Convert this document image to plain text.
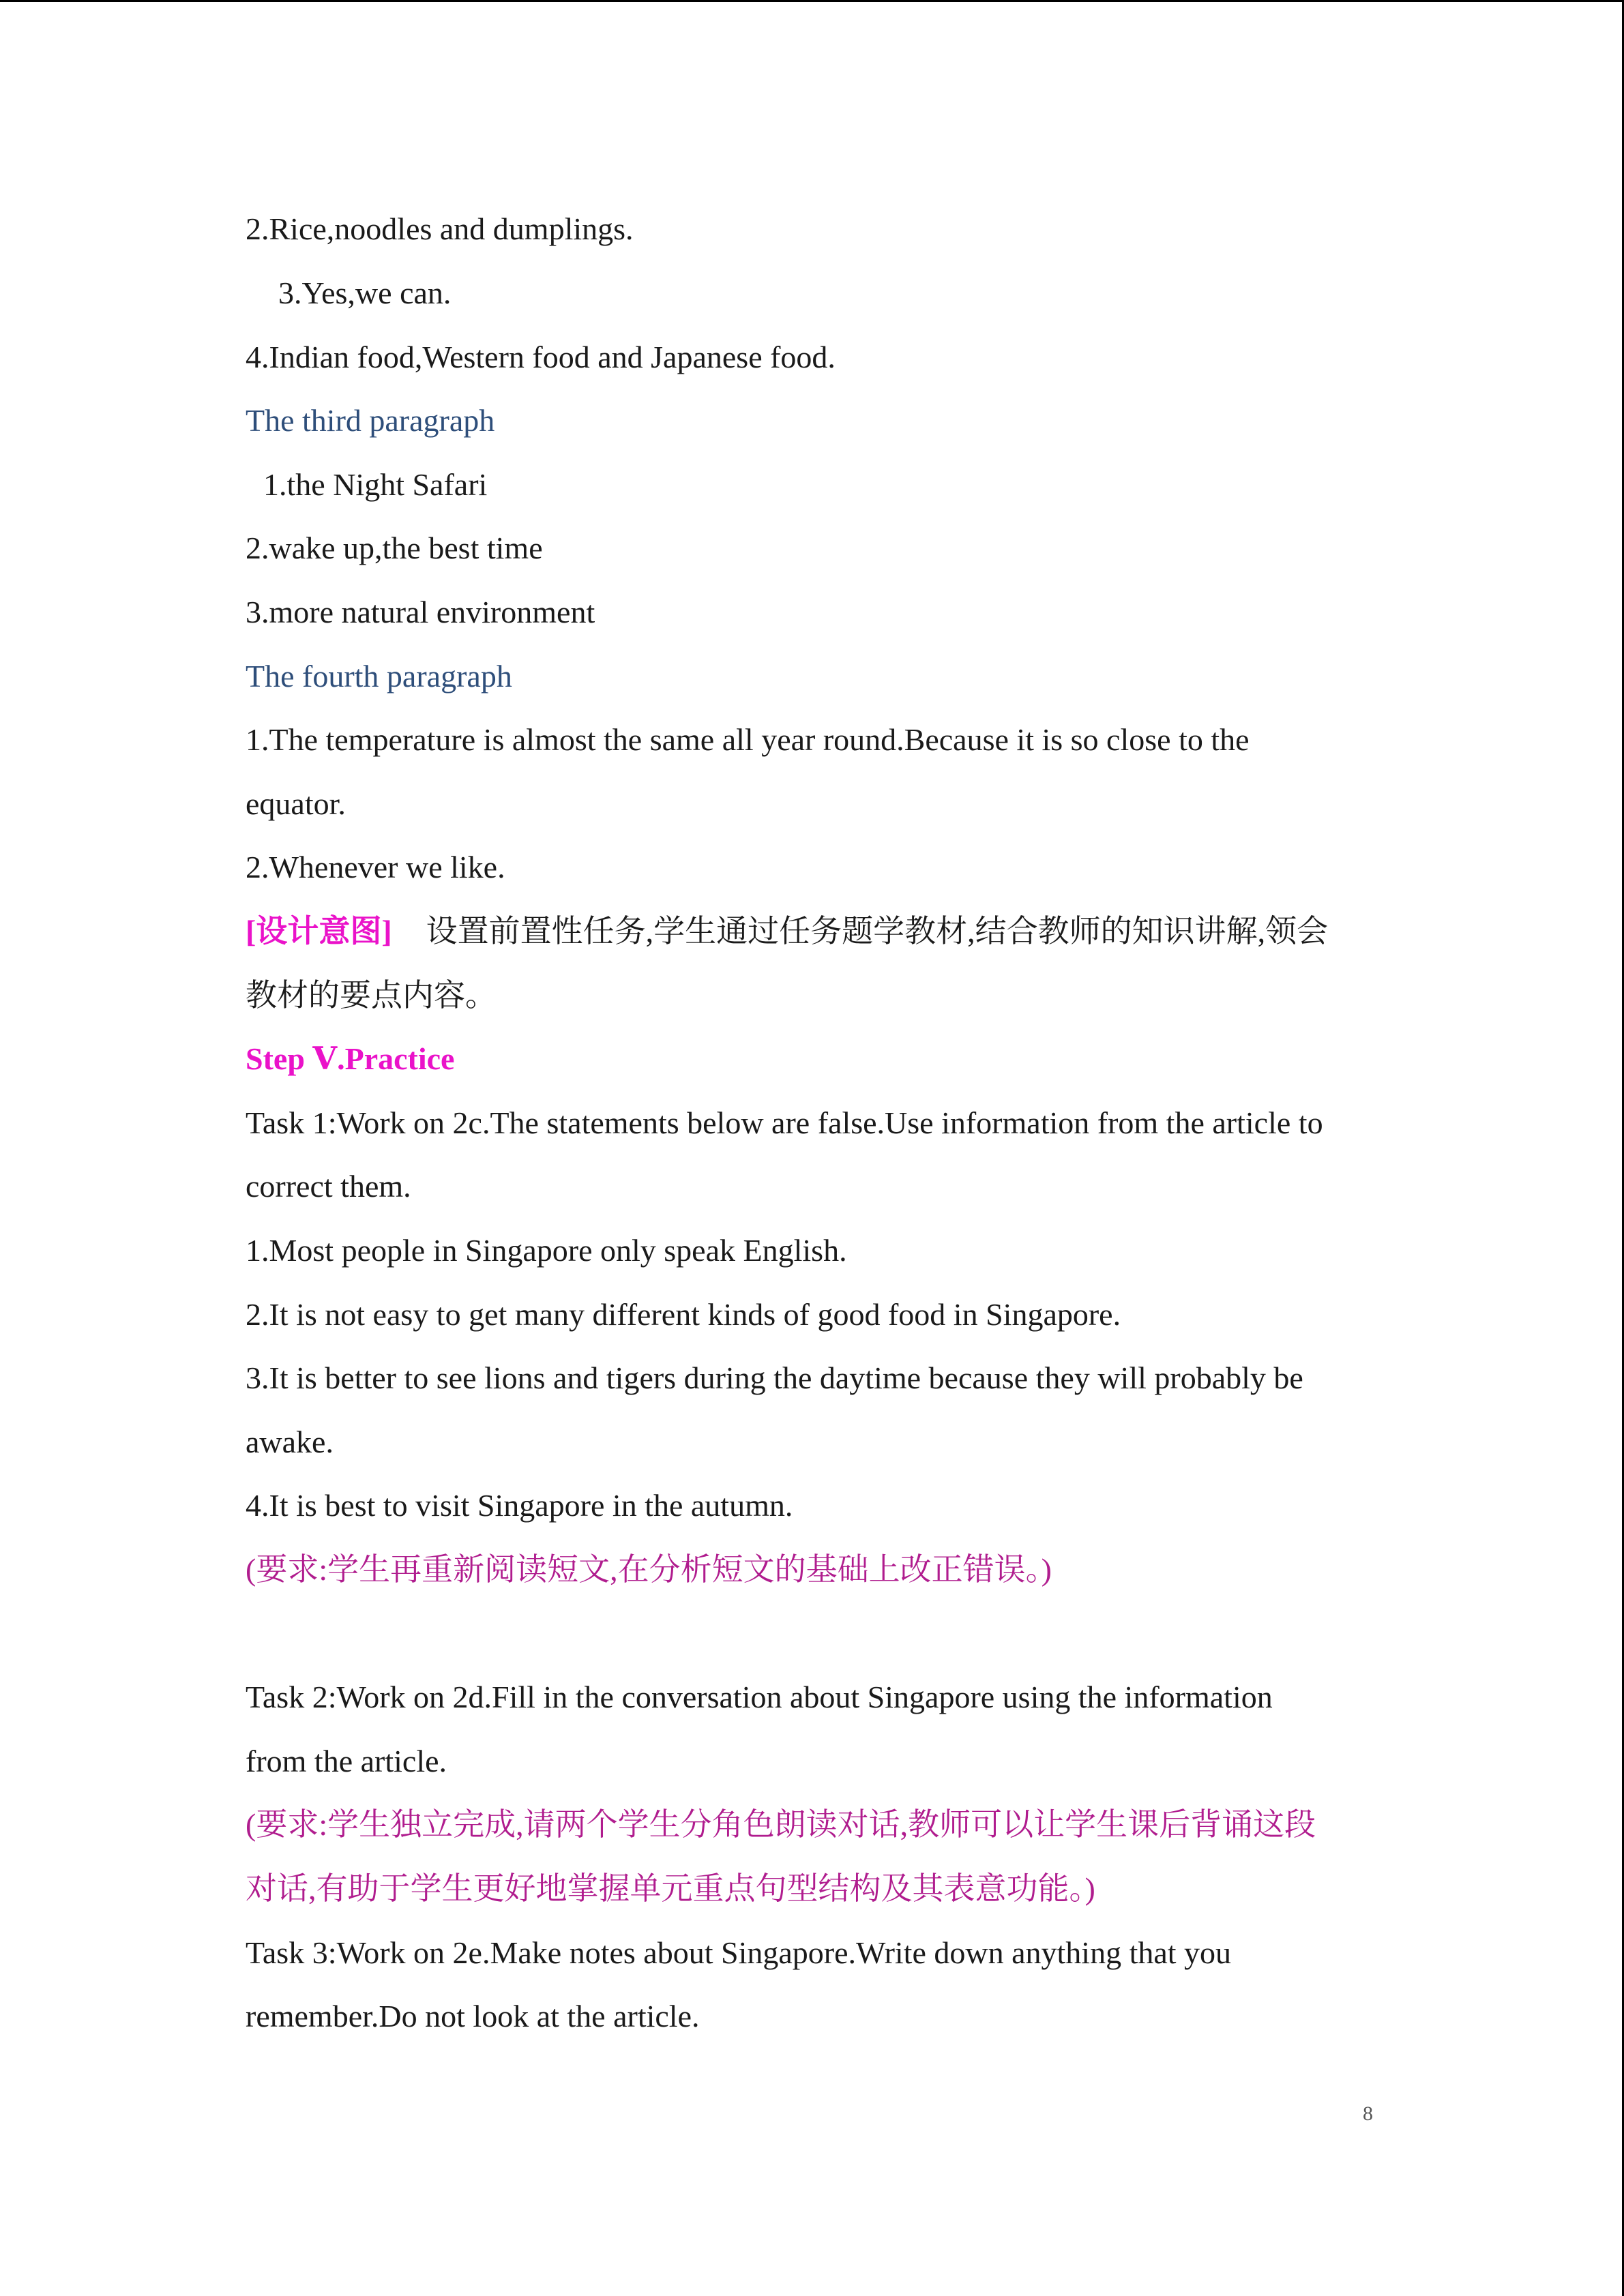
2.Rice,noodles and dumplings.
3.Yes,we can.
4.Indian food,Western food and Japanese food.
The third paragraph
1.the Night Safari
2.wake up,the best time
3.more natural environment
The fourth paragraph
1.The temperature is almost the same all year round.Because it is so close to the
equator.
2.Whenever we like.
[设计意图] 设置前置性任务,学生通过任务题学教材,结合教师的知识讲解,领会
教材的要点内容。
Step Ⅴ.Practice
Task 1:Work on 2c.The statements below are false.Use information from the article to
correct them.
1.Most people in Singapore only speak English.
2.It is not easy to get many different kinds of good food in Singapore.
3.It is better to see lions and tigers during the daytime because they will probably be
awake.
4.It is best to visit Singapore in the autumn.
(要求:学生再重新阅读短文,在分析短文的基础上改正错误。)
Task 2:Work on 2d.Fill in the conversation about Singapore using the information
from the article.
(要求:学生独立完成,请两个学生分角色朗读对话,教师可以让学生课后背诵这段
对话,有助于学生更好地掌握单元重点句型结构及其表意功能。)
Task 3:Work on 2e.Make notes about Singapore.Write down anything that you
remember.Do not look at the article.
8
